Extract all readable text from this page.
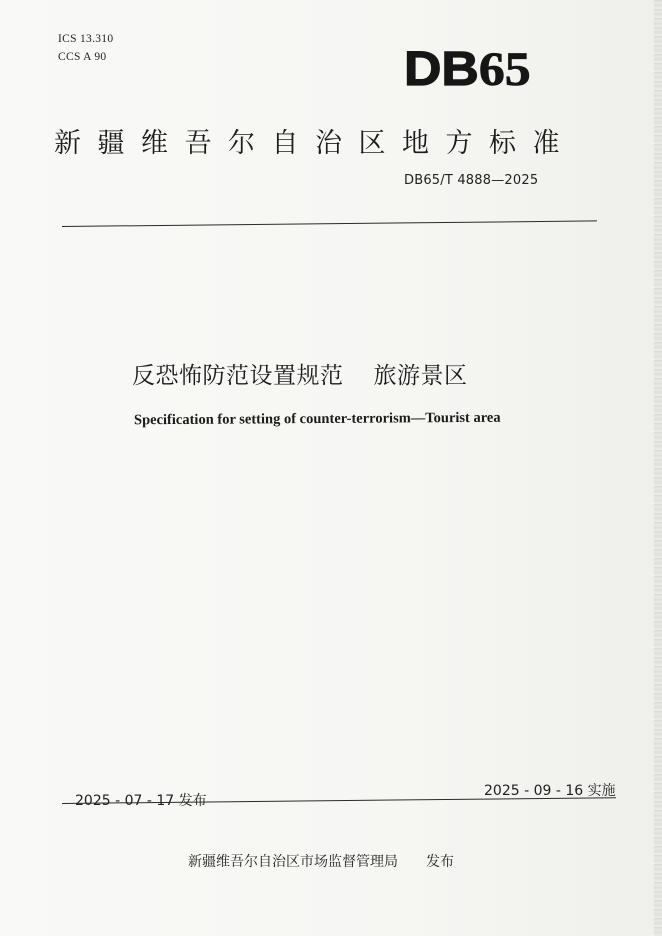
ICS 13.310
CCS A 90	DB65
新疆维吾尔自治区地方标准
DB65/T 4888—2025
反恐怖防范设置规范 旅游景区
Specification for setting of counter-terrorism—Tourist area
2025 - 07 - 17 发布
2025 - 09 - 16 实施
新疆维吾尔自治区市场监督管理局 发布
